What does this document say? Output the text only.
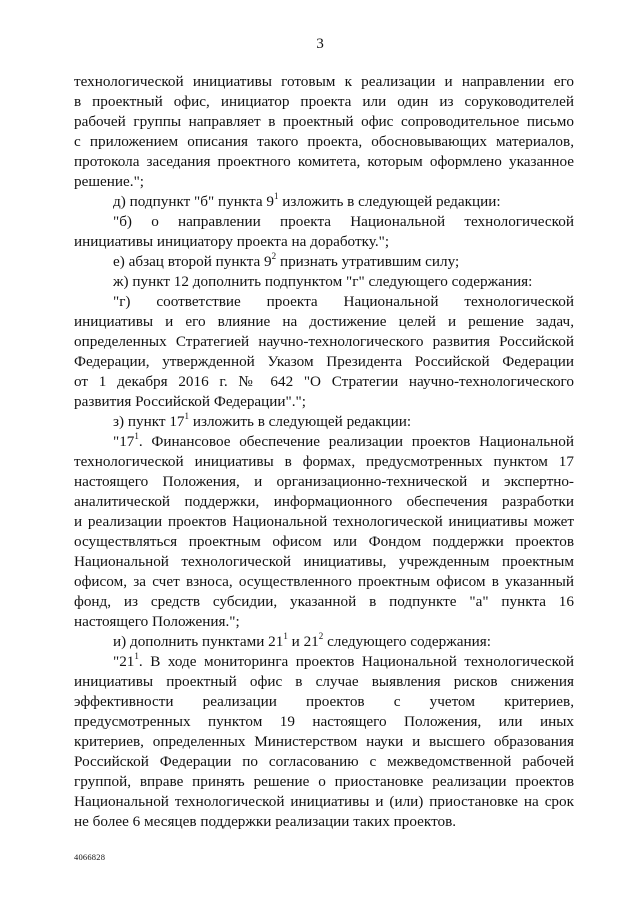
3
технологической инициативы готовым к реализации и направлении его
в проектный офис, инициатор проекта или один из соруководителей
рабочей группы направляет в проектный офис сопроводительное письмо
с приложением описания такого проекта, обосновывающих материалов,
протокола заседания проектного комитета, которым оформлено указанное
решение.";
д) подпункт "б" пункта $9^1$ изложить в следующей редакции:
"б) о направлении проекта Национальной технологической
инициативы инициатору проекта на доработку.";
е) абзац второй пункта $9^2$ признать утратившим силу;
ж) пункт 12 дополнить подпунктом "г" следующего содержания:
"г) соответствие проекта Национальной технологической
инициативы и его влияние на достижение целей и решение задач,
определенных Стратегией научно-технологического развития Российской
Федерации, утвержденной Указом Президента Российской Федерации
от 1 декабря 2016 г. № 642 "О Стратегии научно-технологического
развития Российской Федерации".";
з) пункт $17^1$ изложить в следующей редакции:
"$17^1$. Финансовое обеспечение реализации проектов Национальной
технологической инициативы в формах, предусмотренных пунктом 17
настоящего Положения, и организационно-технической и экспертно-
аналитической поддержки, информационного обеспечения разработки
и реализации проектов Национальной технологической инициативы может
осуществляться проектным офисом или Фондом поддержки проектов
Национальной технологической инициативы, учрежденным проектным
офисом, за счет взноса, осуществленного проектным офисом в указанный
фонд, из средств субсидии, указанной в подпункте "а" пункта 16
настоящего Положения.";
и) дополнить пунктами $21^1$ и $21^2$ следующего содержания:
"$21^1$. В ходе мониторинга проектов Национальной технологической
инициативы проектный офис в случае выявления рисков снижения
эффективности реализации проектов с учетом критериев,
предусмотренных пунктом 19 настоящего Положения, или иных
критериев, определенных Министерством науки и высшего образования
Российской Федерации по согласованию с межведомственной рабочей
группой, вправе принять решение о приостановке реализации проектов
Национальной технологической инициативы и (или) приостановке на срок
не более 6 месяцев поддержки реализации таких проектов.
4066828
